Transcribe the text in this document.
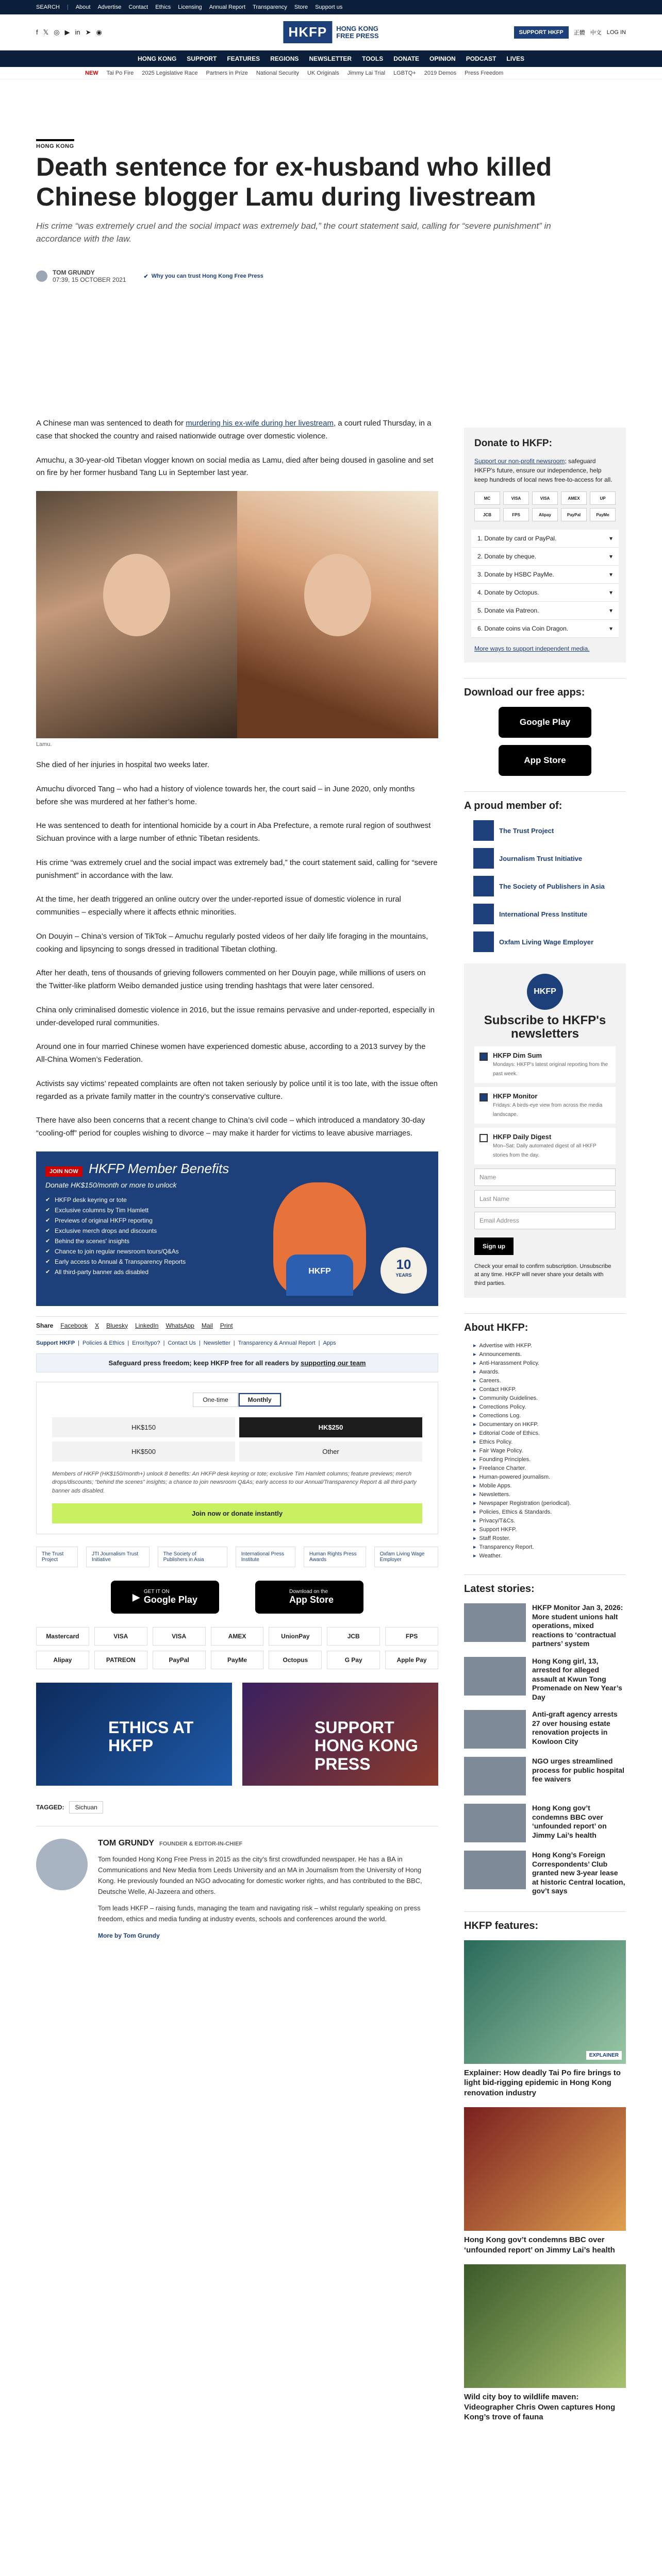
SEARCH | About Advertise Contact Ethics Licensing Annual Report Transparency Store Support us
f 𝕏 ◎ ▶ in ➤ ◉	HKFP	HONG KONG
FREE PRESS	SUPPORT HKFP	正體 中文 LOG IN
HONG KONG SUPPORT FEATURES REGIONS NEWSLETTER TOOLS DONATE OPINION PODCAST LIVES
NEW Tai Po Fire 2025 Legislative Race Partners in Prize National Security UK Originals Jimmy Lai Trial LGBTQ+ 2019 Demos Press Freedom
HONG KONG
Death sentence for ex-husband who killed Chinese blogger Lamu during livestream

His crime “was extremely cruel and the social impact was extremely bad,” the court statement said, calling for “severe punishment” in accordance with the law.

TOM GRUNDY
07:39, 15 OCTOBER 2021	✔ Why you can trust Hong Kong Free Press

A Chinese man was sentenced to death for murdering his ex-wife during her livestream, a court ruled Thursday, in a case that shocked the country and raised nationwide outrage over domestic violence.

Amuchu, a 30-year-old Tibetan vlogger known on social media as Lamu, died after being doused in gasoline and set on fire by her former husband Tang Lu in September last year.

Lamu.

She died of her injuries in hospital two weeks later.

Amuchu divorced Tang – who had a history of violence towards her, the court said – in June 2020, only months before she was murdered at her father’s home.

He was sentenced to death for intentional homicide by a court in Aba Prefecture, a remote rural region of southwest Sichuan province with a large number of ethnic Tibetan residents.

His crime “was extremely cruel and the social impact was extremely bad,” the court statement said, calling for “severe punishment” in accordance with the law.

At the time, her death triggered an online outcry over the under-reported issue of domestic violence in rural communities – especially where it affects ethnic minorities.

On Douyin – China’s version of TikTok – Amuchu regularly posted videos of her daily life foraging in the mountains, cooking and lipsyncing to songs dressed in traditional Tibetan clothing.

After her death, tens of thousands of grieving followers commented on her Douyin page, while millions of users on the Twitter-like platform Weibo demanded justice using trending hashtags that were later censored.

China only criminalised domestic violence in 2016, but the issue remains pervasive and under-reported, especially in under-developed rural communities.

Around one in four married Chinese women have experienced domestic abuse, according to a 2013 survey by the All-China Women’s Federation.

Activists say victims’ repeated complaints are often not taken seriously by police until it is too late, with the issue often regarded as a private family matter in the country’s conservative culture.

There have also been concerns that a recent change to China’s civil code – which introduced a mandatory 30-day “cooling-off” period for couples wishing to divorce – may make it harder for victims to leave abusive marriages.

JOIN NOW HKFP Member Benefits
Donate HK$150/month or more to unlock
✔ HKFP desk keyring or tote
✔ Exclusive columns by Tim Hamlett
✔ Previews of original HKFP reporting
✔ Exclusive merch drops and discounts
✔ Behind the scenes' insights
✔ Chance to join regular newsroom tours/Q&As
✔ Early access to Annual & Transparency Reports
✔ All third-party banner ads disabled	HKFP	10
YEARS
Share Facebook X Bluesky LinkedIn WhatsApp Mail Print
Support HKFP | Policies & Ethics | Error/typo? | Contact Us | Newsletter | Transparency & Annual Report | Apps
Safeguard press freedom; keep HKFP free for all readers by supporting our team
One-time	Monthly
HK$150	HK$250
HK$500	Other

Members of HKFP (HK$150/month+) unlock 8 benefits: An HKFP desk keyring or tote; exclusive Tim Hamlett columns; feature previews; merch drops/discounts; “behind the scenes” insights; a chance to join newsroom Q&As; early access to our Annual/Transparency Report & all third-party banner ads disabled.

Join now or donate instantly
The Trust Project
JTI Journalism Trust Initiative
The Society of Publishers in Asia
International Press Institute
Human Rights Press Awards
Oxfam Living Wage Employer
▶ GET IT ON
Google Play
Download on the
App Store
Mastercard	VISA	VISA	AMEX	UnionPay	JCB	FPS
Alipay	PATREON	PayPal	PayMe	Octopus	G Pay	Apple Pay
ETHICS AT HKFP
SUPPORT HONG KONG PRESS
TAGGED:	Sichuan
TOM GRUNDY FOUNDER & EDITOR-IN-CHIEF

Tom founded Hong Kong Free Press in 2015 as the city's first crowdfunded newspaper. He has a BA in Communications and New Media from Leeds University and an MA in Journalism from the University of Hong Kong. He previously founded an NGO advocating for domestic worker rights, and has contributed to the BBC, Deutsche Welle, Al-Jazeera and others.

Tom leads HKFP – raising funds, managing the team and navigating risk – whilst regularly speaking on press freedom, ethics and media funding at industry events, schools and conferences around the world.

More by Tom Grundy
Donate to HKFP:

Support our non-profit newsroom; safeguard HKFP's future, ensure our independence, help keep hundreds of local news free-to-access for all.

MC	VISA	VISA	AMEX	UP
JCB	FPS	Alipay	PayPal	PayMe
1. Donate by card or PayPal.	▾
2. Donate by cheque.	▾
3. Donate by HSBC PayMe.	▾
4. Donate by Octopus.	▾
5. Donate via Patreon.	▾
6. Donate coins via Coin Dragon.	▾
More ways to support independent media.
Download our free apps:
Google Play
App Store
A proud member of:
The Trust Project
Journalism Trust Initiative
The Society of Publishers in Asia
International Press Institute
Oxfam Living Wage Employer
HKFP
Subscribe to HKFP's newsletters
HKFP Dim Sum
Mondays: HKFP's latest original reporting from the past week.
HKFP Monitor
Fridays: A birds-eye view from across the media landscape.
HKFP Daily Digest
Mon–Sat: Daily automated digest of all HKFP stories from the day.
Name
Last Name
Email Address
Sign up

Check your email to confirm subscription. Unsubscribe at any time. HKFP will never share your details with third parties.

About HKFP:
▸ Advertise with HKFP.
▸ Announcements.
▸ Anti-Harassment Policy.
▸ Awards.
▸ Careers.
▸ Contact HKFP.
▸ Community Guidelines.
▸ Corrections Policy.
▸ Corrections Log.
▸ Documentary on HKFP.
▸ Editorial Code of Ethics.
▸ Ethics Policy.
▸ Fair Wage Policy.
▸ Founding Principles.
▸ Freelance Charter.
▸ Human-powered journalism.
▸ Mobile Apps.
▸ Newsletters.
▸ Newspaper Registration (periodical).
▸ Policies, Ethics & Standards.
▸ Privacy/T&Cs.
▸ Support HKFP.
▸ Staff Roster.
▸ Transparency Report.
▸ Weather.
Latest stories:
HKFP Monitor Jan 3, 2026: More student unions halt operations, mixed reactions to ‘contractual partners’ system
Hong Kong girl, 13, arrested for alleged assault at Kwun Tong Promenade on New Year’s Day
Anti-graft agency arrests 27 over housing estate renovation projects in Kowloon City
NGO urges streamlined process for public hospital fee waivers
Hong Kong gov’t condemns BBC over ‘unfounded report’ on Jimmy Lai’s health
Hong Kong’s Foreign Correspondents’ Club granted new 3-year lease at historic Central location, gov’t says
HKFP features:
EXPLAINER
Explainer: How deadly Tai Po fire brings to light bid-rigging epidemic in Hong Kong renovation industry
Hong Kong gov’t condemns BBC over ‘unfounded report’ on Jimmy Lai’s health
Wild city boy to wildlife maven: Videographer Chris Owen captures Hong Kong’s trove of fauna
